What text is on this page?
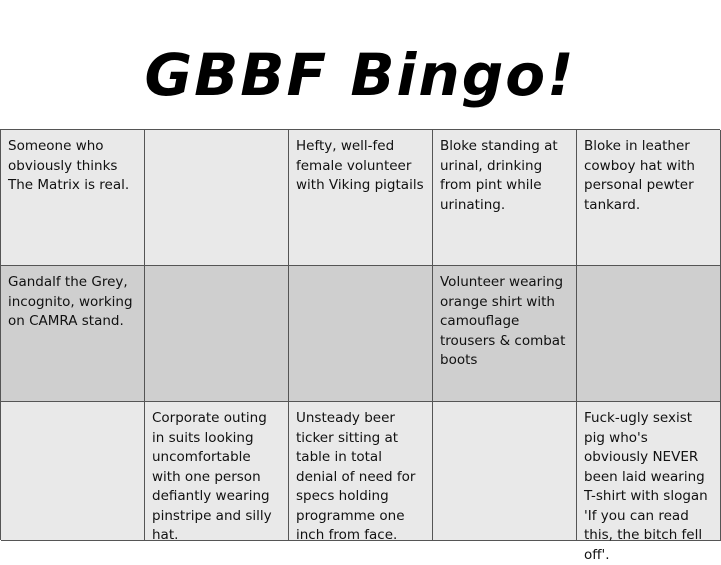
GBBF Bingo!
Someone who obviously thinks The Matrix is real.
Hefty, well-fed female volunteer with Viking pigtails
Bloke standing at urinal, drinking from pint while urinating.
Bloke in leather cowboy hat with personal pewter tankard.
Gandalf the Grey, incognito, working on CAMRA stand.
Volunteer wearing orange shirt with camouflage trousers & combat boots
Corporate outing in suits looking uncomfortable with one person defiantly wearing pinstripe and silly hat.
Unsteady beer ticker sitting at table in total denial of need for specs holding programme one inch from face.
Fuck-ugly sexist pig who's obviously NEVER been laid wearing T-shirt with slogan 'If you can read this, the bitch fell off'.
